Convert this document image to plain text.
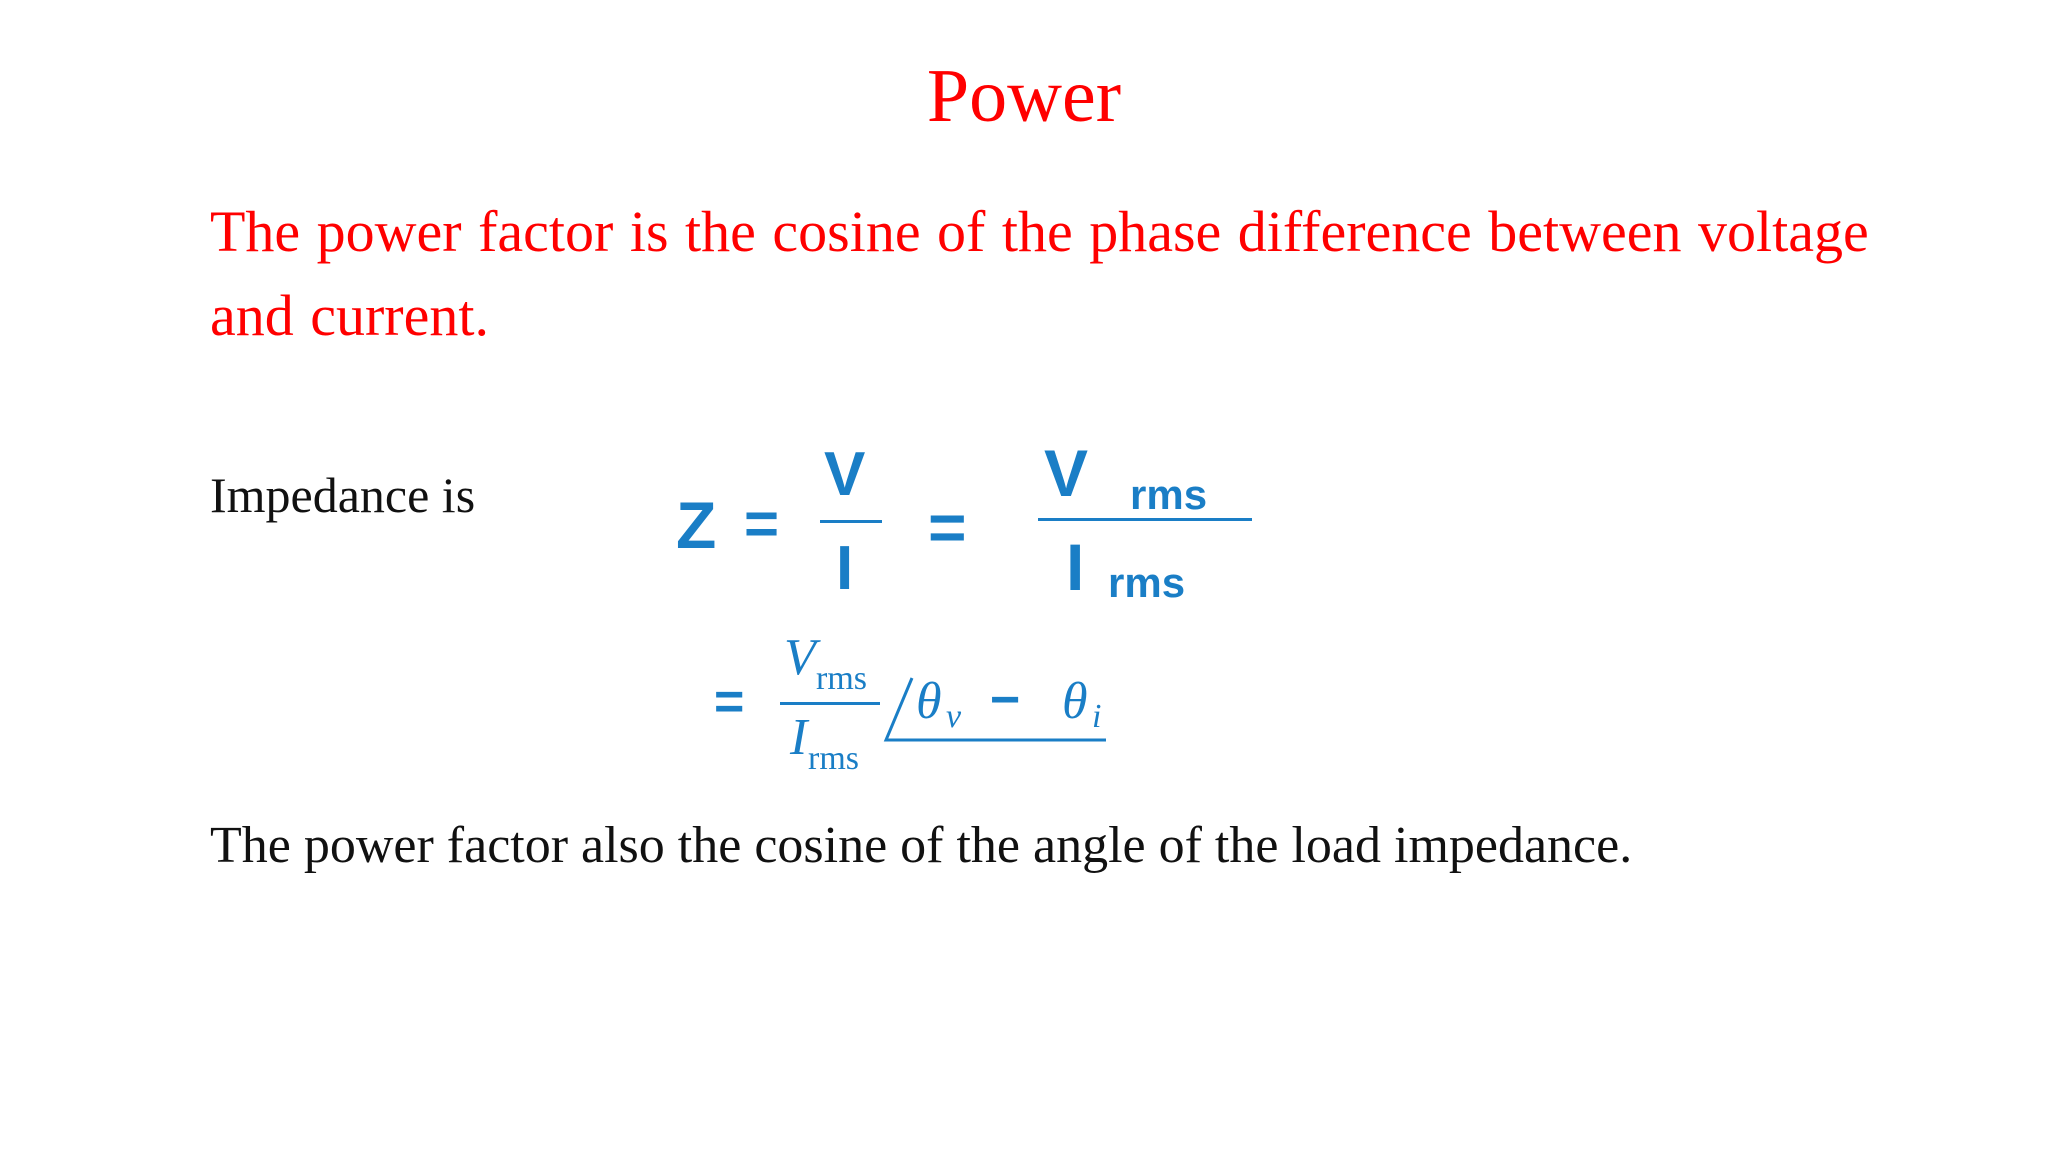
Power
The power factor is the cosine of the phase difference between voltage and current.
Impedance is	Z =
V
I
=
V rms
I rms
=
V rms
I rms
θ v − θ i
The power factor also the cosine of the angle of the load impedance.
